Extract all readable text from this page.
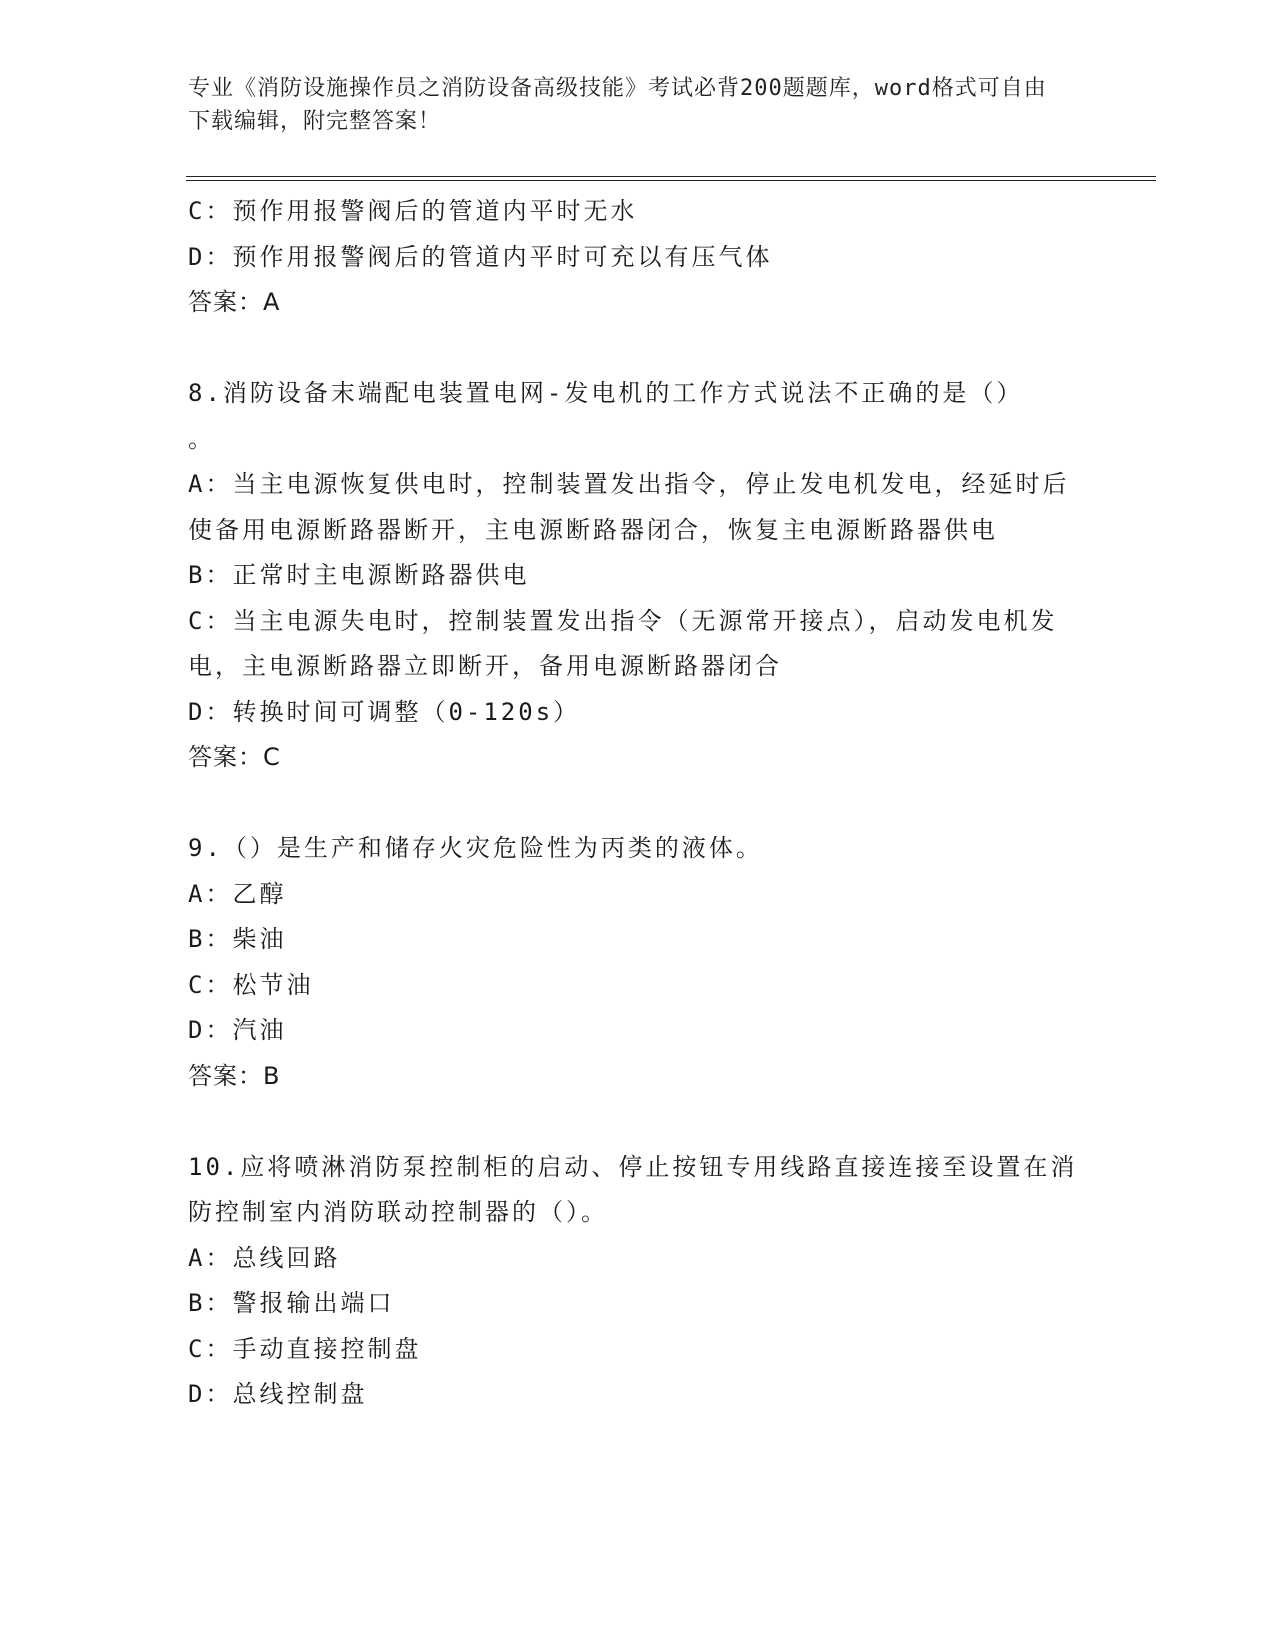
专业《消防设施操作员之消防设备高级技能》考试必背200题题库，word格式可自由下载编辑，附完整答案！
C：预作用报警阀后的管道内平时无水
D：预作用报警阀后的管道内平时可充以有压气体
答案：A
8.消防设备末端配电装置电网-发电机的工作方式说法不正确的是（）
。
A：当主电源恢复供电时，控制装置发出指令，停止发电机发电，经延时后使备用电源断路器断开，主电源断路器闭合，恢复主电源断路器供电
B：正常时主电源断路器供电
C：当主电源失电时，控制装置发出指令（无源常开接点），启动发电机发电，主电源断路器立即断开，备用电源断路器闭合
D：转换时间可调整（0-120s）
答案：C
9.（）是生产和储存火灾危险性为丙类的液体。
A：乙醇
B：柴油
C：松节油
D：汽油
答案：B
10.应将喷淋消防泵控制柜的启动、停止按钮专用线路直接连接至设置在消防控制室内消防联动控制器的（）。
A：总线回路
B：警报输出端口
C：手动直接控制盘
D：总线控制盘
